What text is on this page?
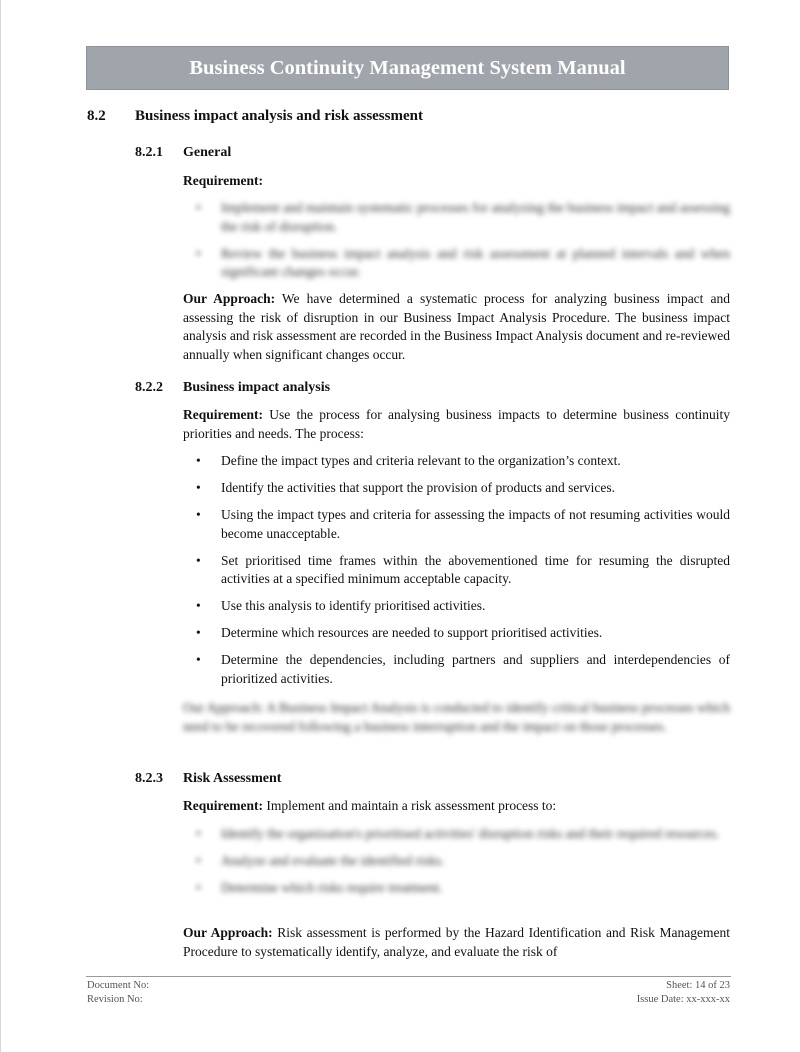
Business Continuity Management System Manual
8.2 Business impact analysis and risk assessment
8.2.1 General
Requirement:
• Implement and maintain systematic processes for analyzing the business impact and assessing the risk of disruption.
• Review the business impact analysis and risk assessment at planned intervals and when significant changes occur.
Our Approach: We have determined a systematic process for analyzing business impact and assessing the risk of disruption in our Business Impact Analysis Procedure. The business impact analysis and risk assessment are recorded in the Business Impact Analysis document and re-reviewed annually when significant changes occur.
8.2.2 Business impact analysis
Requirement: Use the process for analysing business impacts to determine business continuity priorities and needs. The process:
• Define the impact types and criteria relevant to the organization’s context.
• Identify the activities that support the provision of products and services.
• Using the impact types and criteria for assessing the impacts of not resuming activities would become unacceptable.
• Set prioritised time frames within the abovementioned time for resuming the disrupted activities at a specified minimum acceptable capacity.
• Use this analysis to identify prioritised activities.
• Determine which resources are needed to support prioritised activities.
• Determine the dependencies, including partners and suppliers and interdependencies of prioritized activities.
Our Approach: A Business Impact Analysis is conducted to identify critical business processes which need to be recovered following a business interruption and the impact on those processes.
8.2.3 Risk Assessment
Requirement: Implement and maintain a risk assessment process to:
• Identify the organization's prioritised activities' disruption risks and their required resources.
• Analyze and evaluate the identified risks.
• Determine which risks require treatment.
Our Approach: Risk assessment is performed by the Hazard Identification and Risk Management Procedure to systematically identify, analyze, and evaluate the risk of
Document No:
Revision No:
Sheet: 14 of 23
Issue Date: xx-xxx-xx
